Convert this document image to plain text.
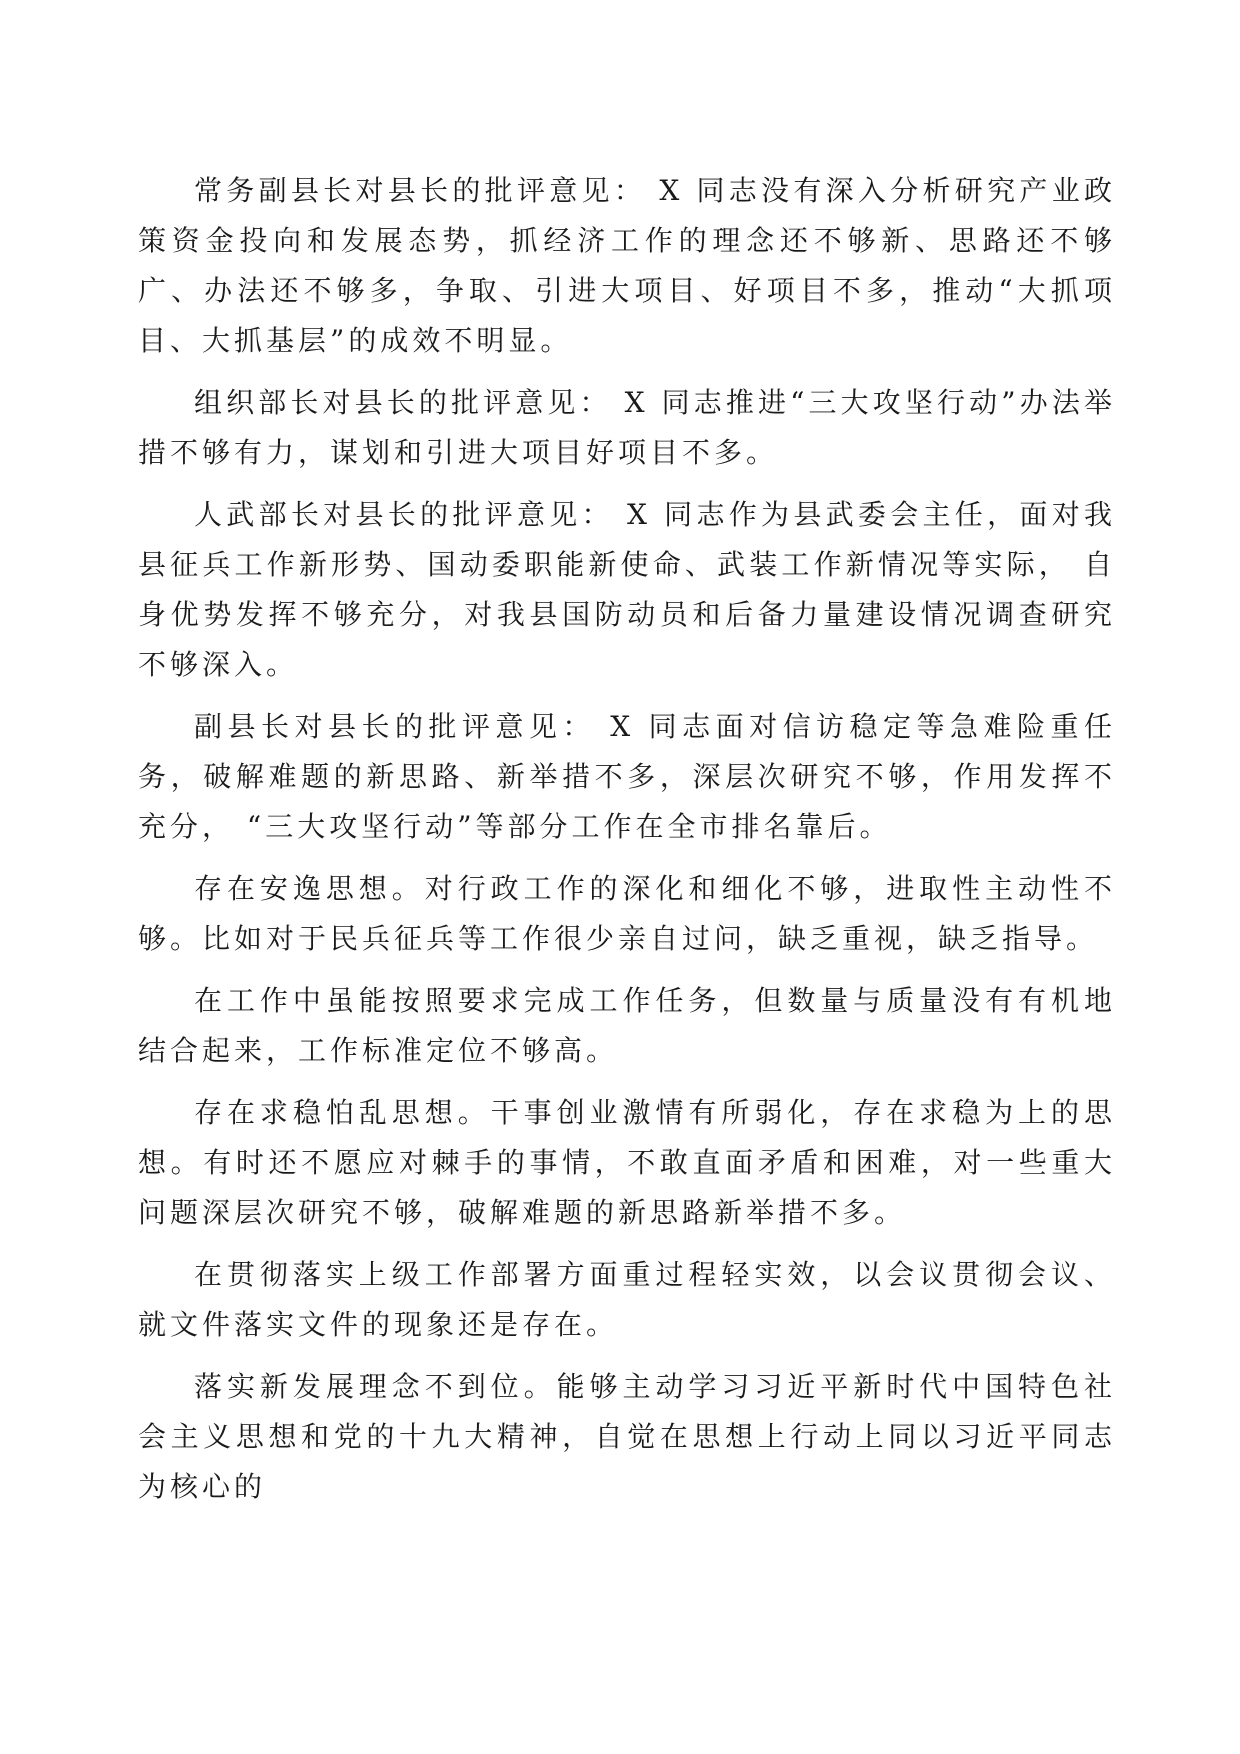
常务副县长对县长的批评意见： X 同志没有深入分析研究产业政策资金投向和发展态势，抓经济工作的理念还不够新、思路还不够广、办法还不够多，争取、引进大项目、好项目不多，推动“大抓项目、大抓基层”的成效不明显。

组织部长对县长的批评意见： X 同志推进“三大攻坚行动”办法举措不够有力，谋划和引进大项目好项目不多。

人武部长对县长的批评意见： X 同志作为县武委会主任，面对我县征兵工作新形势、国动委职能新使命、武装工作新情况等实际， 自身优势发挥不够充分，对我县国防动员和后备力量建设情况调查研究不够深入。

副县长对县长的批评意见： X 同志面对信访稳定等急难险重任务，破解难题的新思路、新举措不多，深层次研究不够，作用发挥不充分， “三大攻坚行动”等部分工作在全市排名靠后。

存在安逸思想。对行政工作的深化和细化不够，进取性主动性不够。比如对于民兵征兵等工作很少亲自过问，缺乏重视，缺乏指导。

在工作中虽能按照要求完成工作任务，但数量与质量没有有机地结合起来，工作标准定位不够高。

存在求稳怕乱思想。干事创业激情有所弱化，存在求稳为上的思想。有时还不愿应对棘手的事情，不敢直面矛盾和困难，对一些重大问题深层次研究不够，破解难题的新思路新举措不多。

在贯彻落实上级工作部署方面重过程轻实效，以会议贯彻会议、就文件落实文件的现象还是存在。

落实新发展理念不到位。能够主动学习习近平新时代中国特色社会主义思想和党的十九大精神，自觉在思想上行动上同以习近平同志为核心的
